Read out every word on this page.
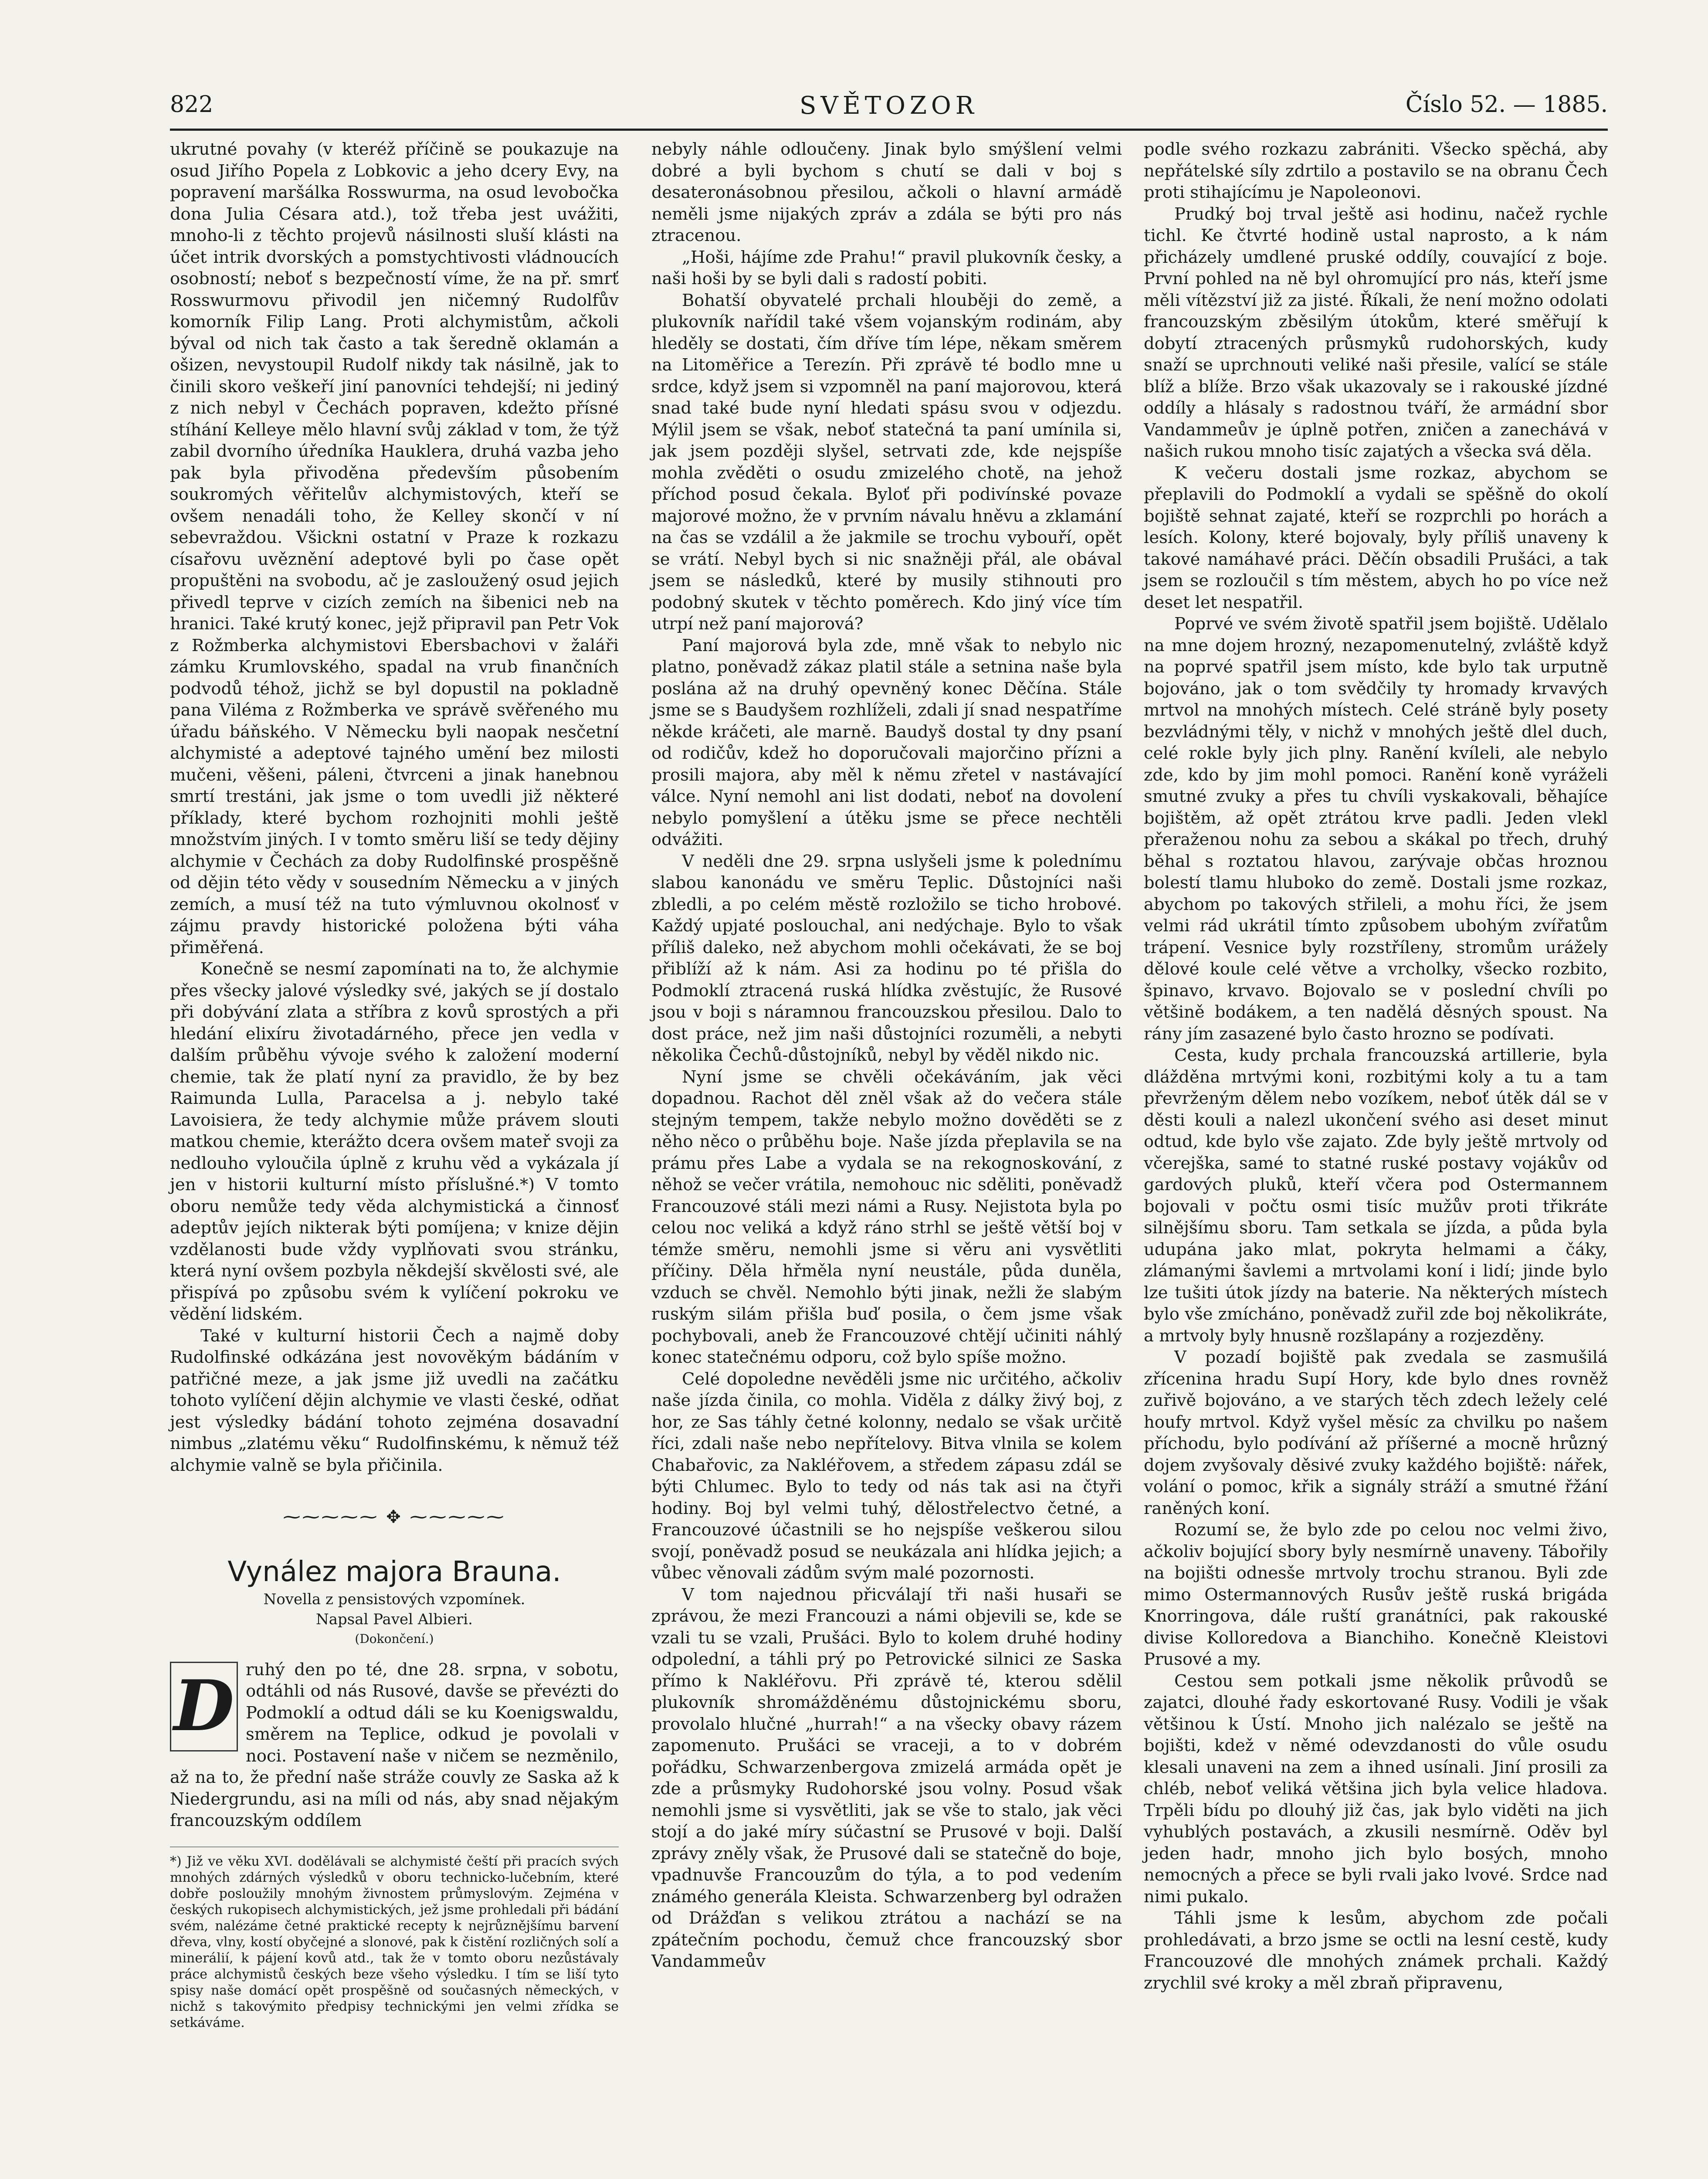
822	SVĚTOZOR	Číslo 52. — 1885.

ukrutné povahy (v kteréž příčině se poukazuje na osud Jiřího Popela z Lobkovic a jeho dcery Evy, na popravení maršálka Rosswurma, na osud levobočka dona Julia Césara atd.), tož třeba jest uvážiti, mnoho-li z těchto projevů násilnosti sluší klásti na účet intrik dvorských a pomstychtivosti vládnoucích osobností; neboť s bezpečností víme, že na př. smrť Rosswurmovu přivodil jen ničemný Rudolfův komorník Filip Lang. Proti alchymistům, ačkoli býval od nich tak často a tak šeredně oklamán a ošizen, nevystoupil Rudolf nikdy tak násilně, jak to činili skoro veškeří jiní panovníci tehdejší; ni jediný z nich nebyl v Čechách popraven, kdežto přísné stíhání Kelleye mělo hlavní svůj základ v tom, že týž zabil dvorního úředníka Hauklera, druhá vazba jeho pak byla přivoděna především působením soukromých věřitelův alchymistových, kteří se ovšem nenadáli toho, že Kelley skončí v ní sebevraždou. Všickni ostatní v Praze k rozkazu císařovu uvěznění adeptové byli po čase opět propuštěni na svobodu, ač je zasloužený osud jejich přivedl teprve v cizích zemích na šibenici neb na hranici. Také krutý konec, jejž připravil pan Petr Vok z Rožmberka alchymistovi Ebersbachovi v žaláři zámku Krumlovského, spadal na vrub finančních podvodů téhož, jichž se byl dopustil na pokladně pana Viléma z Rožmberka ve správě svěřeného mu úřadu báňského. V Německu byli naopak nesčetní alchymisté a adeptové tajného umění bez milosti mučeni, věšeni, páleni, čtvrceni a jinak hanebnou smrtí trestáni, jak jsme o tom uvedli již některé příklady, které bychom rozhojniti mohli ještě množstvím jiných. I v tomto směru liší se tedy dějiny alchymie v Čechách za doby Rudolfinské prospěšně od dějin této vědy v sousedním Německu a v jiných zemích, a musí též na tuto výmluvnou okolnosť v zájmu pravdy historické položena býti váha přiměřená.

Konečně se nesmí zapomínati na to, že alchymie přes všecky jalové výsledky své, jakých se jí dostalo při dobývání zlata a stříbra z kovů sprostých a při hledání elixíru životadárného, přece jen vedla v dalším průběhu vývoje svého k založení moderní chemie, tak že platí nyní za pravidlo, že by bez Raimunda Lulla, Paracelsa a j. nebylo také Lavoisiera, že tedy alchymie může právem slouti matkou chemie, kterážto dcera ovšem mateř svoji za nedlouho vyloučila úplně z kruhu věd a vykázala jí jen v historii kulturní místo příslušné.*) V tomto oboru nemůže tedy věda alchymistická a činnosť adeptův jejích nikterak býti pomíjena; v knize dějin vzdělanosti bude vždy vyplňovati svou stránku, která nyní ovšem pozbyla někdejší skvělosti své, ale přispívá po způsobu svém k vylíčení pokroku ve vědění lidském.

Také v kulturní historii Čech a najmě doby Rudolfinské odkázána jest novověkým bádáním v patřičné meze, a jak jsme již uvedli na začátku tohoto vylíčení dějin alchymie ve vlasti české, odňat jest výsledky bádání tohoto zejména dosavadní nimbus „zlatému věku“ Rudolfinskému, k němuž též alchymie valně se byla přičinila.

⁓⁓⁓⁓⁓ ✥ ⁓⁓⁓⁓⁓
Vynález majora Brauna.
Novella z pensistových vzpomínek.
Napsal Pavel Albieri.
(Dokončení.)
D ruhý den po té, dne 28. srpna, v sobotu, odtáhli od nás Rusové, davše se převézti do Podmoklí a odtud dáli se ku Koenigswaldu, směrem na Teplice, odkud je povolali v noci. Postavení naše v ničem se nezměnilo, až na to, že přední naše stráže couvly ze Saska až k Niedergrundu, asi na míli od nás, aby snad nějakým francouzským oddílem

*) Již ve věku XVI. dodělávali se alchymisté čeští při pracích svých mnohých zdárných výsledků v oboru technicko-lučebním, které dobře posloužily mnohým živnostem průmyslovým. Zejména v českých rukopisech alchymistických, jež jsme prohledali při bádání svém, nalézáme četné praktické recepty k nejrůznějšímu barvení dřeva, vlny, kostí obyčejné a slonové, pak k čistění rozličných solí a minerálií, k pájení kovů atd., tak že v tomto oboru nezůstávaly práce alchymistů českých beze všeho výsledku. I tím se liší tyto spisy naše domácí opět prospěšně od současných německých, v nichž s takovýmito předpisy technickými jen velmi zřídka se setkáváme.

nebyly náhle odloučeny. Jinak bylo smýšlení velmi dobré a byli bychom s chutí se dali v boj s desateronásobnou přesilou, ačkoli o hlavní armádě neměli jsme nijakých zpráv a zdála se býti pro nás ztracenou.

„Hoši, hájíme zde Prahu!“ pravil plukovník česky, a naši hoši by se byli dali s radostí pobiti.

Bohatší obyvatelé prchali hlouběji do země, a plukovník nařídil také všem vojanským rodinám, aby hleděly se dostati, čím dříve tím lépe, někam směrem na Litoměřice a Terezín. Při zprávě té bodlo mne u srdce, když jsem si vzpomněl na paní majorovou, která snad také bude nyní hledati spásu svou v odjezdu. Mýlil jsem se však, neboť statečná ta paní umínila si, jak jsem později slyšel, setrvati zde, kde nejspíše mohla zvěděti o osudu zmizelého chotě, na jehož příchod posud čekala. Byloť při podivínské povaze majorové možno, že v prvním návalu hněvu a zklamání na čas se vzdálil a že jakmile se trochu vybouří, opět se vrátí. Nebyl bych si nic snažněji přál, ale obával jsem se následků, které by musily stihnouti pro podobný skutek v těchto poměrech. Kdo jiný více tím utrpí než paní majorová?

Paní majorová byla zde, mně však to nebylo nic platno, poněvadž zákaz platil stále a setnina naše byla poslána až na druhý opevněný konec Děčína. Stále jsme se s Baudyšem rozhlíželi, zdali jí snad nespatříme někde kráčeti, ale marně. Baudyš dostal ty dny psaní od rodičův, kdež ho doporučovali majorčino přízni a prosili majora, aby měl k němu zřetel v nastávající válce. Nyní nemohl ani list dodati, neboť na dovolení nebylo pomyšlení a útěku jsme se přece nechtěli odvážiti.

V neděli dne 29. srpna uslyšeli jsme k polednímu slabou kanonádu ve směru Teplic. Důstojníci naši zbledli, a po celém městě rozložilo se ticho hrobové. Každý upjaté poslouchal, ani nedýchaje. Bylo to však příliš daleko, než abychom mohli očekávati, že se boj přiblíží až k nám. Asi za hodinu po té přišla do Podmoklí ztracená ruská hlídka zvěstujíc, že Rusové jsou v boji s náramnou francouzskou přesilou. Dalo to dost práce, než jim naši důstojníci rozuměli, a nebyti několika Čechů-důstojníků, nebyl by věděl nikdo nic.

Nyní jsme se chvěli očekáváním, jak věci dopadnou. Rachot děl zněl však až do večera stále stejným tempem, takže nebylo možno dověděti se z něho něco o průběhu boje. Naše jízda přeplavila se na prámu přes Labe a vydala se na rekognoskování, z něhož se večer vrátila, nemohouc nic sděliti, poněvadž Francouzové stáli mezi námi a Rusy. Nejistota byla po celou noc veliká a když ráno strhl se ještě větší boj v témže směru, nemohli jsme si věru ani vysvětliti příčiny. Děla hřměla nyní neustále, půda duněla, vzduch se chvěl. Nemohlo býti jinak, nežli že slabým ruským silám přišla buď posila, o čem jsme však pochybovali, aneb že Francouzové chtějí učiniti náhlý konec statečnému odporu, což bylo spíše možno.

Celé dopoledne nevěděli jsme nic určitého, ačkoliv naše jízda činila, co mohla. Viděla z dálky živý boj, z hor, ze Sas táhly četné kolonny, nedalo se však určitě říci, zdali naše nebo nepřítelovy. Bitva vlnila se kolem Chabařovic, za Nakléřovem, a středem zápasu zdál se býti Chlumec. Bylo to tedy od nás tak asi na čtyři hodiny. Boj byl velmi tuhý, dělostřelectvo četné, a Francouzové účastnili se ho nejspíše veškerou silou svojí, poněvadž posud se neukázala ani hlídka jejich; a vůbec věnovali zádům svým malé pozornosti.

V tom najednou přicválají tři naši husaři se zprávou, že mezi Francouzi a námi objevili se, kde se vzali tu se vzali, Prušáci. Bylo to kolem druhé hodiny odpolední, a táhli prý po Petrovické silnici ze Saska přímo k Nakléřovu. Při zprávě té, kterou sdělil plukovník shromážděnému důstojnickému sboru, provolalo hlučné „hurrah!“ a na všecky obavy rázem zapomenuto. Prušáci se vraceji, a to v dobrém pořádku, Schwarzenbergova zmizelá armáda opět je zde a průsmyky Rudohorské jsou volny. Posud však nemohli jsme si vysvětliti, jak se vše to stalo, jak věci stojí a do jaké míry súčastní se Prusové v boji. Další zprávy zněly však, že Prusové dali se statečně do boje, vpadnuvše Francouzům do týla, a to pod vedením známého generála Kleista. Schwarzenberg byl odražen od Drážďan s velikou ztrátou a nachází se na zpátečním pochodu, čemuž chce francouzský sbor Vandammeův

podle svého rozkazu zabrániti. Všecko spěchá, aby nepřátelské síly zdrtilo a postavilo se na obranu Čech proti stihajícímu je Napoleonovi.

Prudký boj trval ještě asi hodinu, načež rychle tichl. Ke čtvrté hodině ustal naprosto, a k nám přicházely umdlené pruské oddíly, couvající z boje. První pohled na ně byl ohromující pro nás, kteří jsme měli vítězství již za jisté. Říkali, že není možno odolati francouzským zběsilým útokům, které směřují k dobytí ztracených průsmyků rudohorských, kudy snaží se uprchnouti veliké naši přesile, valící se stále blíž a blíže. Brzo však ukazovaly se i rakouské jízdné oddíly a hlásaly s radostnou tváří, že armádní sbor Vandammeův je úplně potřen, zničen a zanechává v našich rukou mnoho tisíc zajatých a všecka svá děla.

K večeru dostali jsme rozkaz, abychom se přeplavili do Podmoklí a vydali se spěšně do okolí bojiště sehnat zajaté, kteří se rozprchli po horách a lesích. Kolony, které bojovaly, byly příliš unaveny k takové namáhavé práci. Děčín obsadili Prušáci, a tak jsem se rozloučil s tím městem, abych ho po více než deset let nespatřil.

Poprvé ve svém životě spatřil jsem bojiště. Udělalo na mne dojem hrozný, nezapomenutelný, zvláště když na poprvé spatřil jsem místo, kde bylo tak urputně bojováno, jak o tom svědčily ty hromady krvavých mrtvol na mnohých místech. Celé stráně byly posety bezvládnými těly, v nichž v mnohých ještě dlel duch, celé rokle byly jich plny. Ranění kvíleli, ale nebylo zde, kdo by jim mohl pomoci. Ranění koně vyráželi smutné zvuky a přes tu chvíli vyskakovali, běhajíce bojištěm, až opět ztrátou krve padli. Jeden vlekl přeraženou nohu za sebou a skákal po třech, druhý běhal s roztatou hlavou, zarývaje občas hroznou bolestí tlamu hluboko do země. Dostali jsme rozkaz, abychom po takových střileli, a mohu říci, že jsem velmi rád ukrátil tímto způsobem ubohým zvířatům trápení. Vesnice byly rozstříleny, stromům urážely dělové koule celé větve a vrcholky, všecko rozbito, špinavo, krvavo. Bojovalo se v poslední chvíli po většině bodákem, a ten nadělá děsných spoust. Na rány jím zasazené bylo často hrozno se podívati.

Cesta, kudy prchala francouzská artillerie, byla dlážděna mrtvými koni, rozbitými koly a tu a tam převrženým dělem nebo vozíkem, neboť útěk dál se v děsti kouli a nalezl ukončení svého asi deset minut odtud, kde bylo vše zajato. Zde byly ještě mrtvoly od včerejška, samé to statné ruské postavy vojákův od gardových pluků, kteří včera pod Ostermannem bojovali v počtu osmi tisíc mužův proti třikráte silnějšímu sboru. Tam setkala se jízda, a půda byla udupána jako mlat, pokryta helmami a čáky, zlámanými šavlemi a mrtvolami koní i lidí; jinde bylo lze tušiti útok jízdy na baterie. Na některých místech bylo vše zmícháno, poněvadž zuřil zde boj několikráte, a mrtvoly byly hnusně rozšlapány a rozjezděny.

V pozadí bojiště pak zvedala se zasmušilá zřícenina hradu Supí Hory, kde bylo dnes rovněž zuřivě bojováno, a ve starých těch zdech ležely celé houfy mrtvol. Když vyšel měsíc za chvilku po našem příchodu, bylo podívání až příšerné a mocně hrůzný dojem zvyšovaly děsivé zvuky každého bojiště: nářek, volání o pomoc, křik a signály stráží a smutné řžání raněných koní.

Rozumí se, že bylo zde po celou noc velmi živo, ačkoliv bojující sbory byly nesmírně unaveny. Tábořily na bojišti odnesše mrtvoly trochu stranou. Byli zde mimo Ostermannových Rusův ještě ruská brigáda Knorringova, dále ruští granátníci, pak rakouské divise Kolloredova a Bianchiho. Konečně Kleistovi Prusové a my.

Cestou sem potkali jsme několik průvodů se zajatci, dlouhé řady eskortované Rusy. Vodili je však většinou k Ústí. Mnoho jich nalézalo se ještě na bojišti, kdež v němé odevzdanosti do vůle osudu klesali unaveni na zem a ihned usínali. Jiní prosili za chléb, neboť veliká většina jich byla velice hladova. Trpěli bídu po dlouhý již čas, jak bylo viděti na jich vyhublých postavách, a zkusili nesmírně. Oděv byl jeden hadr, mnoho jich bylo bosých, mnoho nemocných a přece se byli rvali jako lvové. Srdce nad nimi pukalo.

Táhli jsme k lesům, abychom zde počali prohledávati, a brzo jsme se octli na lesní cestě, kudy Francouzové dle mnohých známek prchali. Každý zrychlil své kroky a měl zbraň připravenu,
